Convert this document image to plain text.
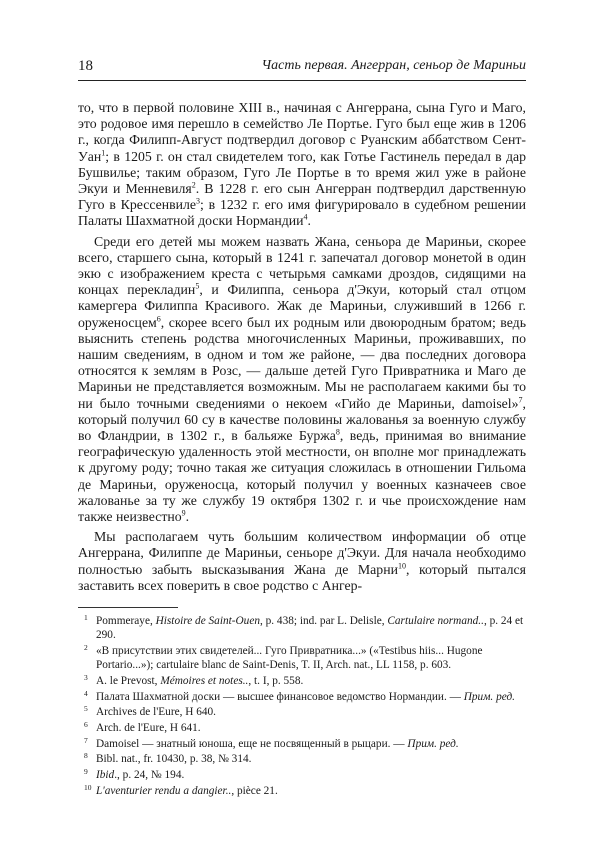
18	Часть первая. Ангерран, сеньор де Мариньи

то, что в первой половине XIII в., начиная с Ангеррана, сына Гуго и Маго, это родовое имя перешло в семейство Ле Портье. Гуго был еще жив в 1206 г., когда Филипп-Август подтвердил договор с Руанским аббатством Сент-Уан$^1$; в 1205 г. он стал свидетелем того, как Готье Гастинель передал в дар Бушвилье; таким образом, Гуго Ле Портье в то время жил уже в районе Экуи и Менневиля$^2$. В 1228 г. его сын Ангерран подтвердил дарственную Гуго в Крессенвиле$^3$; в 1232 г. его имя фигурировало в судебном решении Палаты Шахматной доски Нормандии$^4$.

Среди его детей мы можем назвать Жана, сеньора де Мариньи, скорее всего, старшего сына, который в 1241 г. запечатал договор монетой в один экю с изображением креста с четырьмя самками дроздов, сидящими на концах перекладин$^5$, и Филиппа, сеньора д'Экуи, который стал отцом камергера Филиппа Красивого. Жак де Мариньи, служивший в 1266 г. оруженосцем$^6$, скорее всего был их родным или двоюродным братом; ведь выяснить степень родства многочисленных Мариньи, проживавших, по нашим сведениям, в одном и том же районе, — два последних договора относятся к землям в Розс, — дальше детей Гуго Привратника и Маго де Мариньи не представляется возможным. Мы не располагаем какими бы то ни было точными сведениями о некоем «Гийо де Мариньи, damoisel»$^7$, который получил 60 су в качестве половины жалованья за военную службу во Фландрии, в 1302 г., в бальяже Буржа$^8$, ведь, принимая во внимание географическую удаленность этой местности, он вполне мог принадлежать к другому роду; точно такая же ситуация сложилась в отношении Гильома де Мариньи, оруженосца, который получил у военных казначеев свое жалованье за ту же службу 19 октября 1302 г. и чье происхождение нам также неизвестно$^9$.

Мы располагаем чуть большим количеством информации об отце Ангеррана, Филиппе де Мариньи, сеньоре д'Экуи. Для начала необходимо полностью забыть высказывания Жана де Марни$^{10}$, который пытался заставить всех поверить в свое родство с Ангер-

1 Pommeraye, Histoire de Saint-Ouen, p. 438; ind. par L. Delisle, Cartulaire normand.., p. 24 et 290.
2 «В присутствии этих свидетелей... Гуго Привратника...» («Testibus hiis... Hugone Portario...»); cartulaire blanc de Saint-Denis, T. II, Arch. nat., LL 1158, p. 603.
3 A. le Prevost, Mémoires et notes.., t. I, p. 558.
4 Палата Шахматной доски — высшее финансовое ведомство Нормандии. — Прим. ред.
5 Archives de l'Eure, H 640.
6 Arch. de l'Eure, H 641.
7 Damoisel — знатный юноша, еще не посвященный в рыцари. — Прим. ред.
8 Bibl. nat., fr. 10430, p. 38, № 314.
9 Ibid., p. 24, № 194.
10 L'aventurier rendu a dangier.., pièce 21.
